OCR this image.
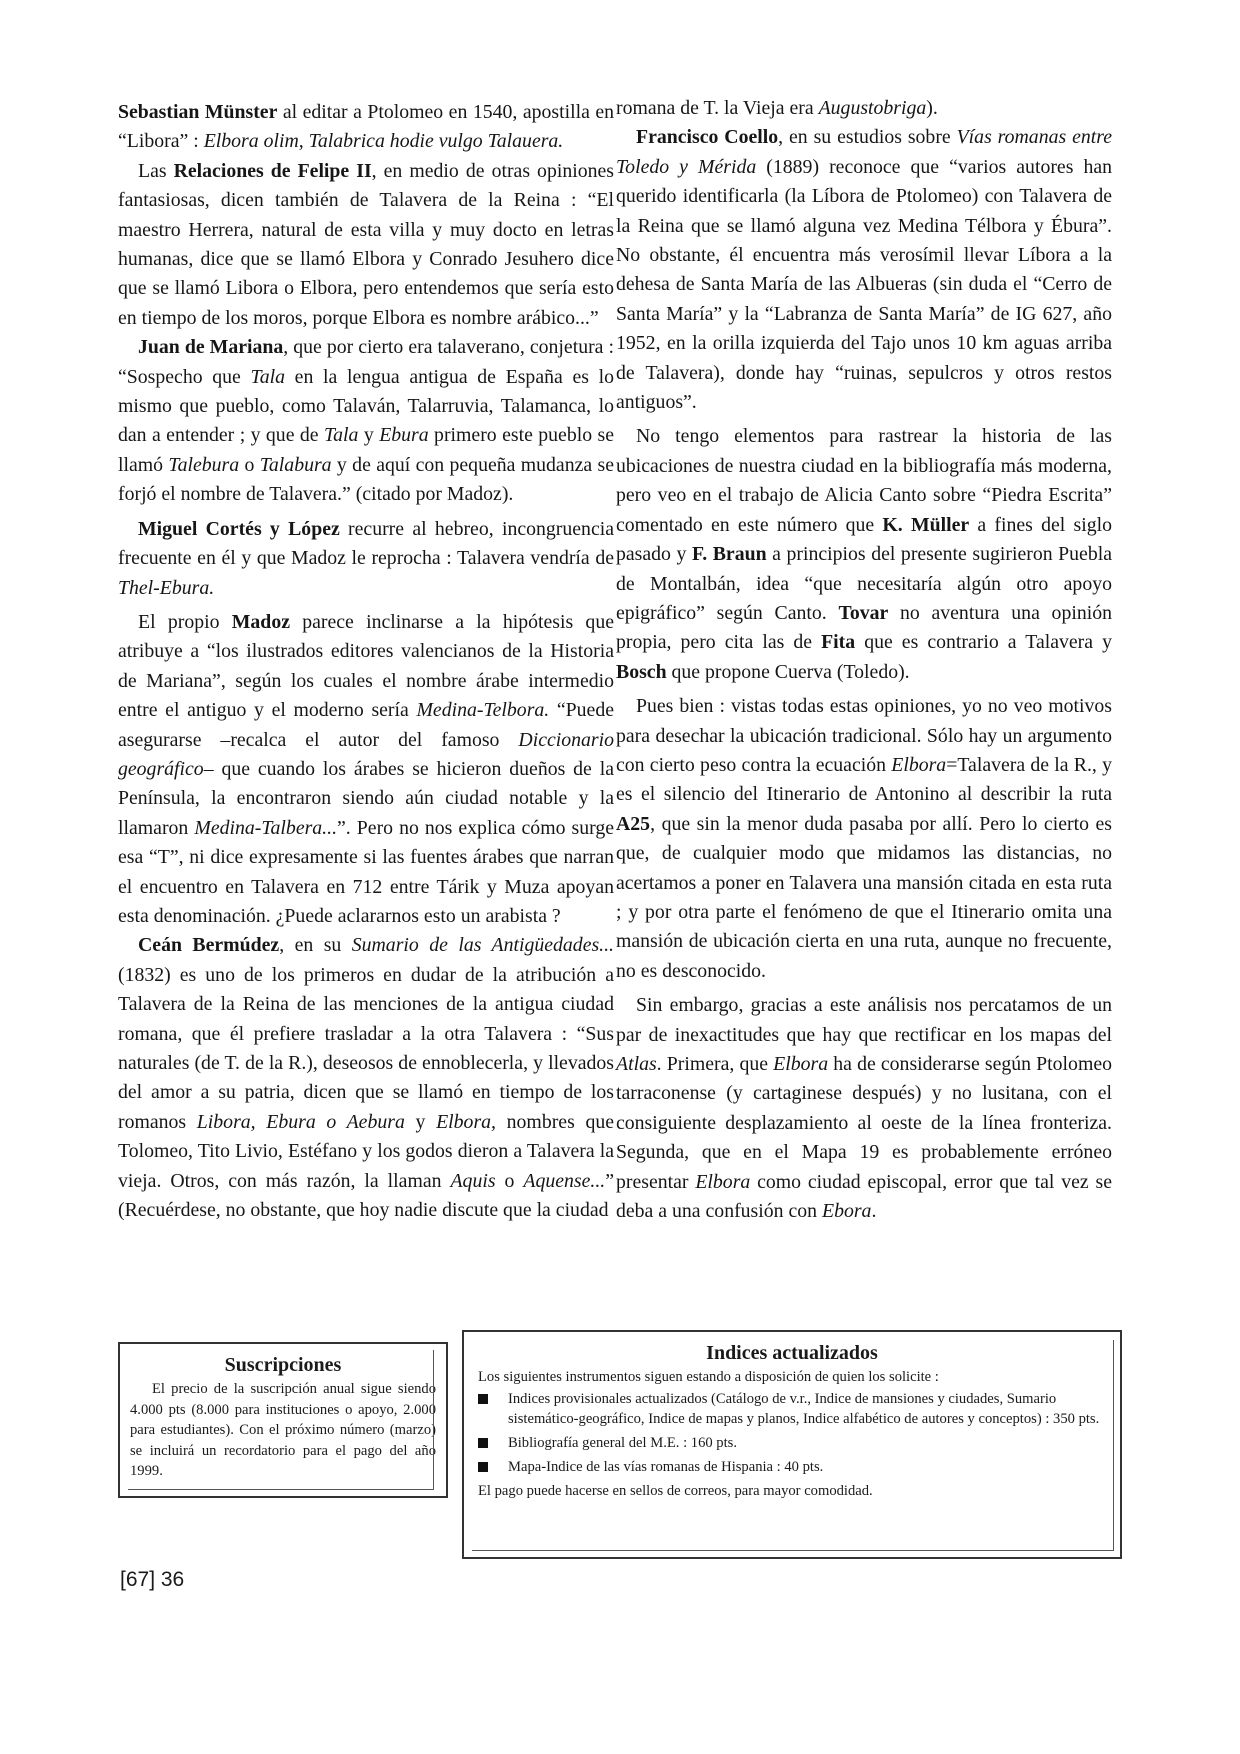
Sebastian Münster al editar a Ptolomeo en 1540, apostilla en “Libora” : Elbora olim, Talabrica hodie vulgo Talauera.

Las Relaciones de Felipe II, en medio de otras opiniones fantasiosas, dicen también de Talavera de la Reina : “El maestro Herrera, natural de esta villa y muy docto en letras humanas, dice que se llamó Elbora y Conrado Jesuhero dice que se llamó Libora o Elbora, pero entendemos que sería esto en tiempo de los moros, porque Elbora es nombre arábico...”

Juan de Mariana, que por cierto era talaverano, conjetura : “Sospecho que Tala en la lengua antigua de España es lo mismo que pueblo, como Talaván, Talarruvia, Talamanca, lo dan a entender ; y que de Tala y Ebura primero este pueblo se llamó Talebura o Talabura y de aquí con pequeña mudanza se forjó el nombre de Talavera.” (citado por Madoz).

Miguel Cortés y López recurre al hebreo, incongruencia frecuente en él y que Madoz le reprocha : Talavera vendría de Thel-Ebura.

El propio Madoz parece inclinarse a la hipótesis que atribuye a “los ilustrados editores valencianos de la Historia de Mariana”, según los cuales el nombre árabe intermedio entre el antiguo y el moderno sería Medina-Telbora. “Puede asegurarse –recalca el autor del famoso Diccionario geográfico– que cuando los árabes se hicieron dueños de la Península, la encontraron siendo aún ciudad notable y la llamaron Medina-Talbera...”. Pero no nos explica cómo surge esa “T”, ni dice expresamente si las fuentes árabes que narran el encuentro en Talavera en 712 entre Tárik y Muza apoyan esta denominación. ¿Puede aclararnos esto un arabista ?

Ceán Bermúdez, en su Sumario de las Antigüedades... (1832) es uno de los primeros en dudar de la atribución a Talavera de la Reina de las menciones de la antigua ciudad romana, que él prefiere trasladar a la otra Talavera : “Sus naturales (de T. de la R.), deseosos de ennoblecerla, y llevados del amor a su patria, dicen que se llamó en tiempo de los romanos Libora, Ebura o Aebura y Elbora, nombres que Tolomeo, Tito Livio, Estéfano y los godos dieron a Talavera la vieja. Otros, con más razón, la llaman Aquis o Aquense...” (Recuérdese, no obstante, que hoy nadie discute que la ciudad

romana de T. la Vieja era Augustobriga).

Francisco Coello, en su estudios sobre Vías romanas entre Toledo y Mérida (1889) reconoce que “varios autores han querido identificarla (la Líbora de Ptolomeo) con Talavera de la Reina que se llamó alguna vez Medina Télbora y Ébura”. No obstante, él encuentra más verosímil llevar Líbora a la dehesa de Santa María de las Albueras (sin duda el “Cerro de Santa María” y la “Labranza de Santa María” de IG 627, año 1952, en la orilla izquierda del Tajo unos 10 km aguas arriba de Talavera), donde hay “ruinas, sepulcros y otros restos antiguos”.

No tengo elementos para rastrear la historia de las ubicaciones de nuestra ciudad en la bibliografía más moderna, pero veo en el trabajo de Alicia Canto sobre “Piedra Escrita” comentado en este número que K. Müller a fines del siglo pasado y F. Braun a principios del presente sugirieron Puebla de Montalbán, idea “que necesitaría algún otro apoyo epigráfico” según Canto. Tovar no aventura una opinión propia, pero cita las de Fita que es contrario a Talavera y Bosch que propone Cuerva (Toledo).

Pues bien : vistas todas estas opiniones, yo no veo motivos para desechar la ubicación tradicional. Sólo hay un argumento con cierto peso contra la ecuación Elbora=Talavera de la R., y es el silencio del Itinerario de Antonino al describir la ruta A25, que sin la menor duda pasaba por allí. Pero lo cierto es que, de cualquier modo que midamos las distancias, no acertamos a poner en Talavera una mansión citada en esta ruta ; y por otra parte el fenómeno de que el Itinerario omita una mansión de ubicación cierta en una ruta, aunque no frecuente, no es desconocido.

Sin embargo, gracias a este análisis nos percatamos de un par de inexactitudes que hay que rectificar en los mapas del Atlas. Primera, que Elbora ha de considerarse según Ptolomeo tarraconense (y cartaginese después) y no lusitana, con el consiguiente desplazamiento al oeste de la línea fronteriza. Segunda, que en el Mapa 19 es probablemente erróneo presentar Elbora como ciudad episcopal, error que tal vez se deba a una confusión con Ebora.

Suscripciones

El precio de la suscripción anual sigue siendo 4.000 pts (8.000 para instituciones o apoyo, 2.000 para estudiantes). Con el próximo número (marzo) se incluirá un recordatorio para el pago del año 1999.

Indices actualizados

Los siguientes instrumentos siguen estando a disposición de quien los solicite :

Indices provisionales actualizados (Catálogo de v.r., Indice de mansiones y ciudades, Sumario sistemático-geográfico, Indice de mapas y planos, Indice alfabético de autores y conceptos) : 350 pts.
Bibliografía general del M.E. : 160 pts.
Mapa-Indice de las vías romanas de Hispania : 40 pts.

El pago puede hacerse en sellos de correos, para mayor comodidad.

[67] 36
